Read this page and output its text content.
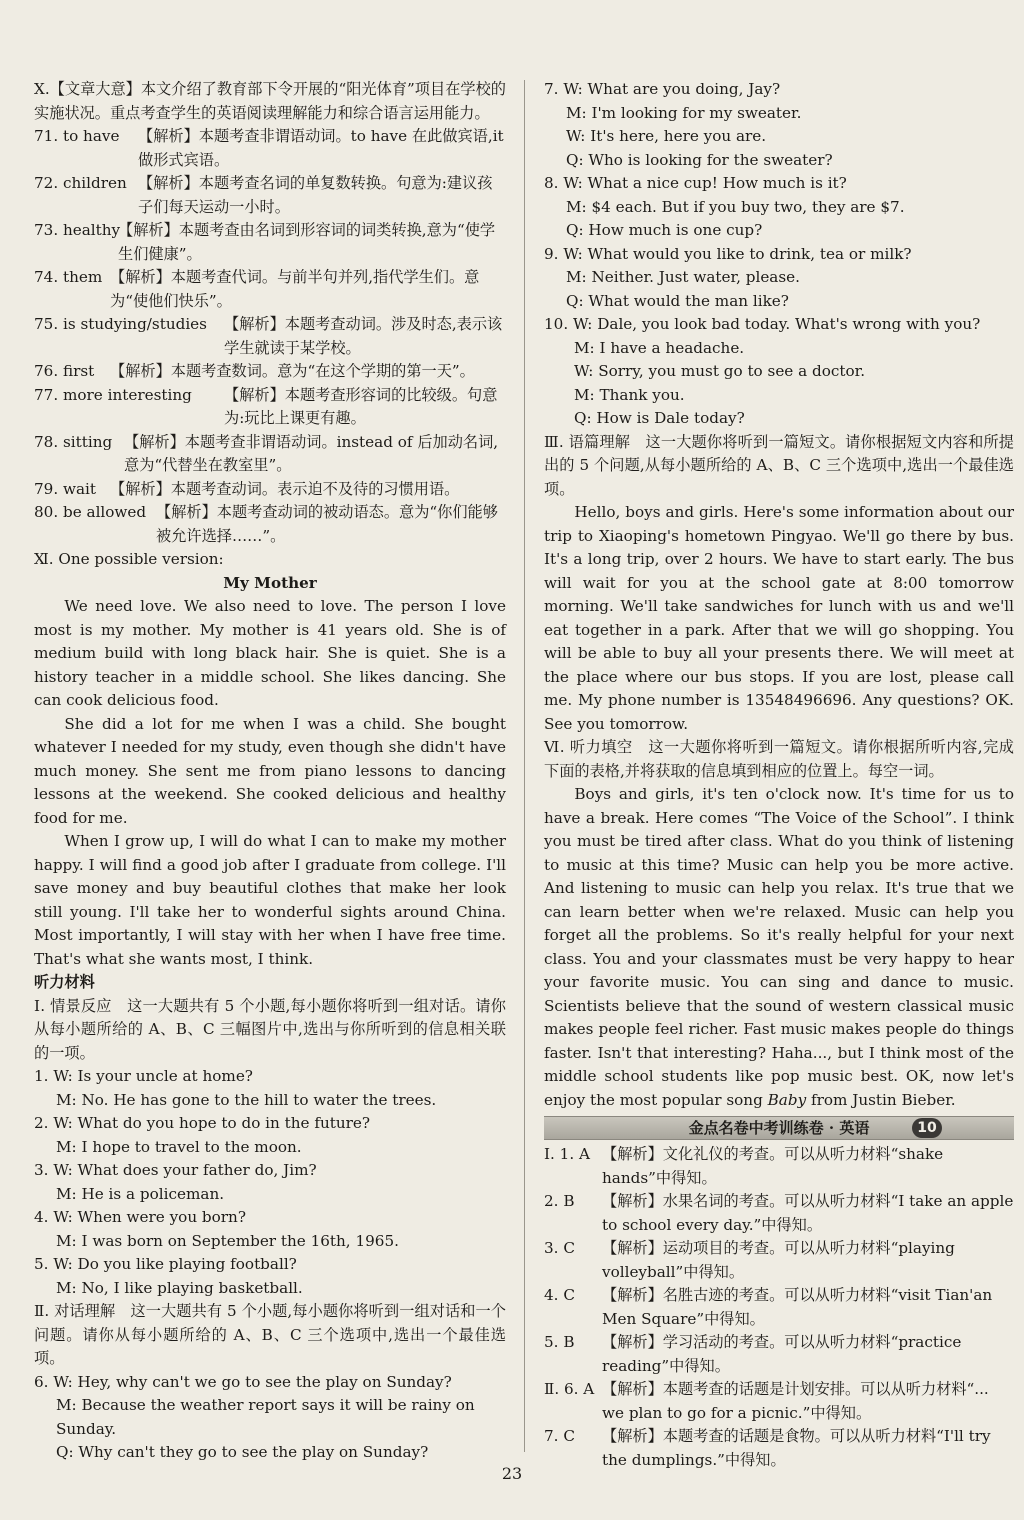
Ⅹ.【文章大意】本文介绍了教育部下令开展的“阳光体育”项目在学校的实施状况。重点考查学生的英语阅读理解能力和综合语言运用能力。

71. to have 【解析】本题考查非谓语动词。to have 在此做宾语,it 做形式宾语。
72. children 【解析】本题考查名词的单复数转换。句意为:建议孩子们每天运动一小时。
73. healthy
【解析】本题考查由名词到形容词的词类转换,意为“使学生们健康”。
74. them 【解析】本题考查代词。与前半句并列,指代学生们。意为“使他们快乐”。
75. is studying/studies 【解析】本题考查动词。涉及时态,表示该学生就读于某学校。
76. first 【解析】本题考查数词。意为“在这个学期的第一天”。
77. more interesting 【解析】本题考查形容词的比较级。句意为:玩比上课更有趣。
78. sitting 【解析】本题考查非谓语动词。instead of 后加动名词,意为“代替坐在教室里”。
79. wait 【解析】本题考查动词。表示迫不及待的习惯用语。
80. be allowed 【解析】本题考查动词的被动语态。意为“你们能够被允许选择……”。

Ⅺ. One possible version:

My Mother

We need love. We also need to love. The person I love most is my mother. My mother is 41 years old. She is of medium build with long black hair. She is quiet. She is a history teacher in a middle school. She likes dancing. She can cook delicious food.

She did a lot for me when I was a child. She bought whatever I needed for my study, even though she didn't have much money. She sent me from piano lessons to dancing lessons at the weekend. She cooked delicious and healthy food for me.

When I grow up, I will do what I can to make my mother happy. I will find a good job after I graduate from college. I'll save money and buy beautiful clothes that make her look still young. I'll take her to wonderful sights around China. Most importantly, I will stay with her when I have free time. That's what she wants most, I think.

听力材料

Ⅰ. 情景反应　这一大题共有 5 个小题,每小题你将听到一组对话。请你从每小题所给的 A、B、C 三幅图片中,选出与你所听到的信息相关联的一项。

1. W: Is your uncle at home?
M: No. He has gone to the hill to water the trees.
2. W: What do you hope to do in the future?
M: I hope to travel to the moon.
3. W: What does your father do, Jim?
M: He is a policeman.
4. W: When were you born?
M: I was born on September the 16th, 1965.
5. W: Do you like playing football?
M: No, I like playing basketball.

Ⅱ. 对话理解　这一大题共有 5 个小题,每小题你将听到一组对话和一个问题。请你从每小题所给的 A、B、C 三个选项中,选出一个最佳选项。

6. W: Hey, why can't we go to see the play on Sunday?
M: Because the weather report says it will be rainy on Sunday.
Q: Why can't they go to see the play on Sunday?
7. W: What are you doing, Jay?
M: I'm looking for my sweater.
W: It's here, here you are.
Q: Who is looking for the sweater?
8. W: What a nice cup! How much is it?
M: $4 each. But if you buy two, they are $7.
Q: How much is one cup?
9. W: What would you like to drink, tea or milk?
M: Neither. Just water, please.
Q: What would the man like?
10. W: Dale, you look bad today. What's wrong with you?
M: I have a headache.
W: Sorry, you must go to see a doctor.
M: Thank you.
Q: How is Dale today?

Ⅲ. 语篇理解　这一大题你将听到一篇短文。请你根据短文内容和所提出的 5 个问题,从每小题所给的 A、B、C 三个选项中,选出一个最佳选项。

Hello, boys and girls. Here's some information about our trip to Xiaoping's hometown Pingyao. We'll go there by bus. It's a long trip, over 2 hours. We have to start early. The bus will wait for you at the school gate at 8:00 tomorrow morning. We'll take sandwiches for lunch with us and we'll eat together in a park. After that we will go shopping. You will be able to buy all your presents there. We will meet at the place where our bus stops. If you are lost, please call me. My phone number is 13548496696. Any questions? OK. See you tomorrow.

Ⅵ. 听力填空　这一大题你将听到一篇短文。请你根据所听内容,完成下面的表格,并将获取的信息填到相应的位置上。每空一词。

Boys and girls, it's ten o'clock now. It's time for us to have a break. Here comes “The Voice of the School”. I think you must be tired after class. What do you think of listening to music at this time? Music can help you be more active. And listening to music can help you relax. It's true that we can learn better when we're relaxed. Music can help you forget all the problems. So it's really helpful for your next class. You and your classmates must be very happy to hear your favorite music. You can sing and dance to music. Scientists believe that the sound of western classical music makes people feel richer. Fast music makes people do things faster. Isn't that interesting? Haha..., but I think most of the middle school students like pop music best. OK, now let's enjoy the most popular song Baby from Justin Bieber.

金点名卷中考训练卷 · 英语	10
Ⅰ. 1. A 【解析】文化礼仪的考查。可以从听力材料“shake hands”中得知。
2. B 【解析】水果名词的考查。可以从听力材料“I take an apple to school every day.”中得知。
3. C 【解析】运动项目的考查。可以从听力材料“playing volleyball”中得知。
4. C 【解析】名胜古迹的考查。可以从听力材料“visit Tian'an Men Square”中得知。
5. B 【解析】学习活动的考查。可以从听力材料“practice reading”中得知。
Ⅱ. 6. A 【解析】本题考查的话题是计划安排。可以从听力材料“... we plan to go for a picnic.”中得知。
7. C 【解析】本题考查的话题是食物。可以从听力材料“I'll try the dumplings.”中得知。
23
